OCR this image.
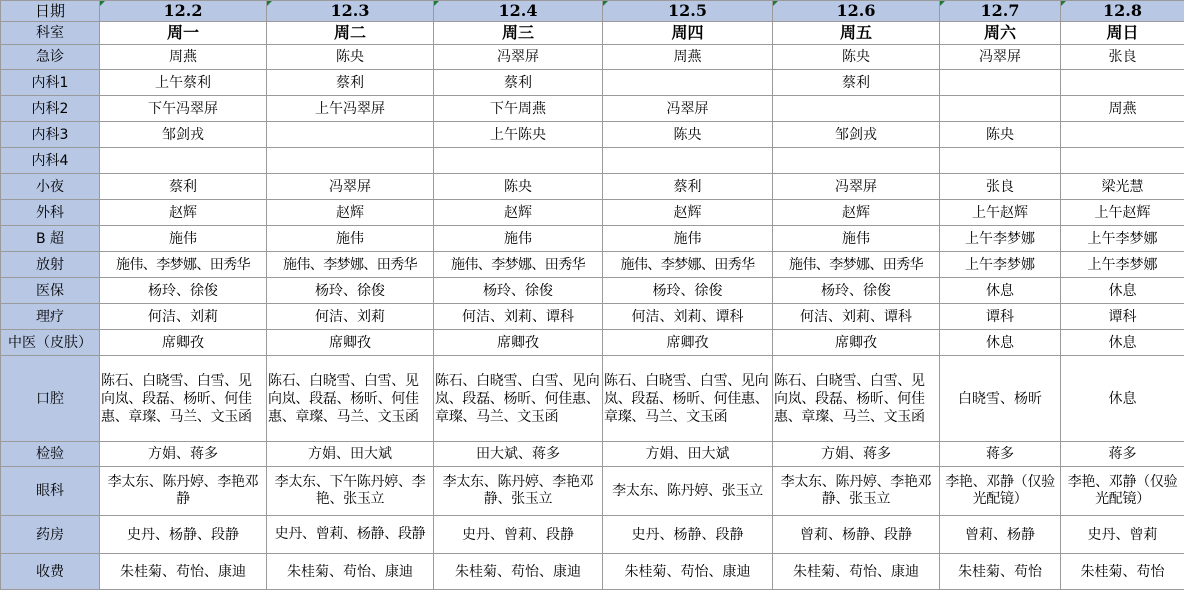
日期	12.2	12.3	12.4	12.5	12.6	12.7	12.8
科室	周一	周二	周三	周四	周五	周六	周日
急诊	周燕	陈央	冯翠屏	周燕	陈央	冯翠屏	张良
内科1	上午蔡利	蔡利	蔡利		蔡利		
内科2	下午冯翠屏	上午冯翠屏	下午周燕	冯翠屏			周燕
内科3	邹剑戎		上午陈央	陈央	邹剑戎	陈央	
内科4							
小夜	蔡利	冯翠屏	陈央	蔡利	冯翠屏	张良	梁光慧
外科	赵辉	赵辉	赵辉	赵辉	赵辉	上午赵辉	上午赵辉
B 超	施伟	施伟	施伟	施伟	施伟	上午李梦娜	上午李梦娜
放射	施伟、李梦娜、田秀华	施伟、李梦娜、田秀华	施伟、李梦娜、田秀华	施伟、李梦娜、田秀华	施伟、李梦娜、田秀华	上午李梦娜	上午李梦娜
医保	杨玲、徐俊	杨玲、徐俊	杨玲、徐俊	杨玲、徐俊	杨玲、徐俊	休息	休息
理疗	何洁、刘莉	何洁、刘莉	何洁、刘莉、谭科	何洁、刘莉、谭科	何洁、刘莉、谭科	谭科	谭科
中医（皮肤）	席卿孜	席卿孜	席卿孜	席卿孜	席卿孜	休息	休息
口腔	陈石、白晓雪、白雪、见向岚、段磊、杨昕、何佳惠、章璨、马兰、文玉函	陈石、白晓雪、白雪、见向岚、段磊、杨昕、何佳惠、章璨、马兰、文玉函	陈石、白晓雪、白雪、见向岚、段磊、杨昕、何佳惠、章璨、马兰、文玉函	陈石、白晓雪、白雪、见向岚、段磊、杨昕、何佳惠、章璨、马兰、文玉函	陈石、白晓雪、白雪、见向岚、段磊、杨昕、何佳惠、章璨、马兰、文玉函	白晓雪、杨昕	休息
检验	方娟、蒋多	方娟、田大斌	田大斌、蒋多	方娟、田大斌	方娟、蒋多	蒋多	蒋多
眼科	李太东、陈丹婷、李艳邓静	李太东、下午陈丹婷、李艳、张玉立	李太东、陈丹婷、李艳邓静、张玉立	李太东、陈丹婷、张玉立	李太东、陈丹婷、李艳邓静、张玉立	李艳、邓静（仅验光配镜）	李艳、邓静（仅验光配镜）
药房	史丹、杨静、段静	史丹、曾莉、杨静、段静	史丹、曾莉、段静	史丹、杨静、段静	曾莉、杨静、段静	曾莉、杨静	史丹、曾莉
收费	朱桂菊、苟怡、康迪	朱桂菊、苟怡、康迪	朱桂菊、苟怡、康迪	朱桂菊、苟怡、康迪	朱桂菊、苟怡、康迪	朱桂菊、苟怡	朱桂菊、苟怡
